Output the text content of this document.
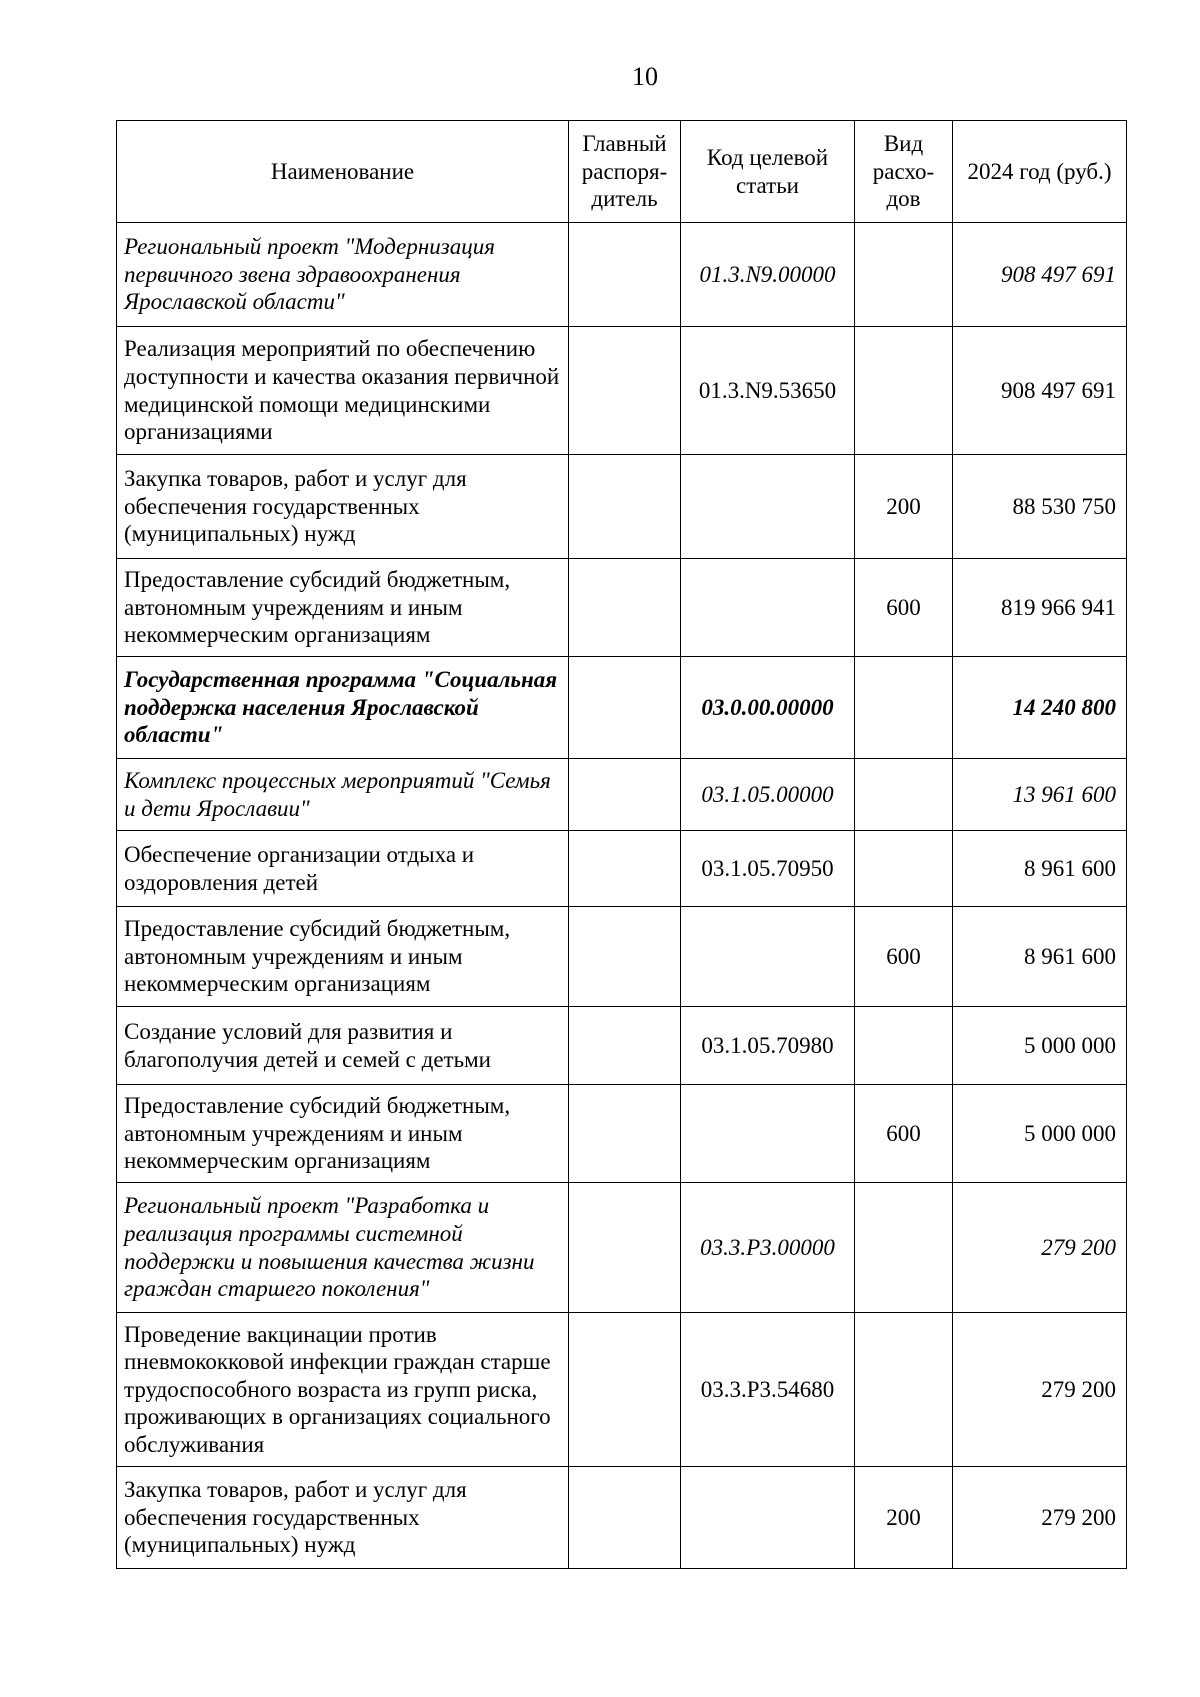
10
Наименование	Главный распоря-дитель	Код целевой статьи	Вид расхо-дов	2024 год (руб.)
Региональный проект "Модернизация первичного звена здравоохранения Ярославской области"		01.3.N9.00000		908 497 691
Реализация мероприятий по обеспечению доступности и качества оказания первичной медицинской помощи медицинскими организациями		01.3.N9.53650		908 497 691
Закупка товаров, работ и услуг для обеспечения государственных (муниципальных) нужд			200	88 530 750
Предоставление субсидий бюджетным, автономным учреждениям и иным некоммерческим организациям			600	819 966 941
Государственная программа "Социальная поддержка населения Ярославской области"		03.0.00.00000		14 240 800
Комплекс процессных мероприятий "Семья и дети Ярославии"		03.1.05.00000		13 961 600
Обеспечение организации отдыха и оздоровления детей		03.1.05.70950		8 961 600
Предоставление субсидий бюджетным, автономным учреждениям и иным некоммерческим организациям			600	8 961 600
Создание условий для развития и благополучия детей и семей с детьми		03.1.05.70980		5 000 000
Предоставление субсидий бюджетным, автономным учреждениям и иным некоммерческим организациям			600	5 000 000
Региональный проект "Разработка и реализация программы системной поддержки и повышения качества жизни граждан старшего поколения"		03.3.P3.00000		279 200
Проведение вакцинации против пневмококковой инфекции граждан старше трудоспособного возраста из групп риска, проживающих в организациях социального обслуживания		03.3.P3.54680		279 200
Закупка товаров, работ и услуг для обеспечения государственных (муниципальных) нужд			200	279 200
